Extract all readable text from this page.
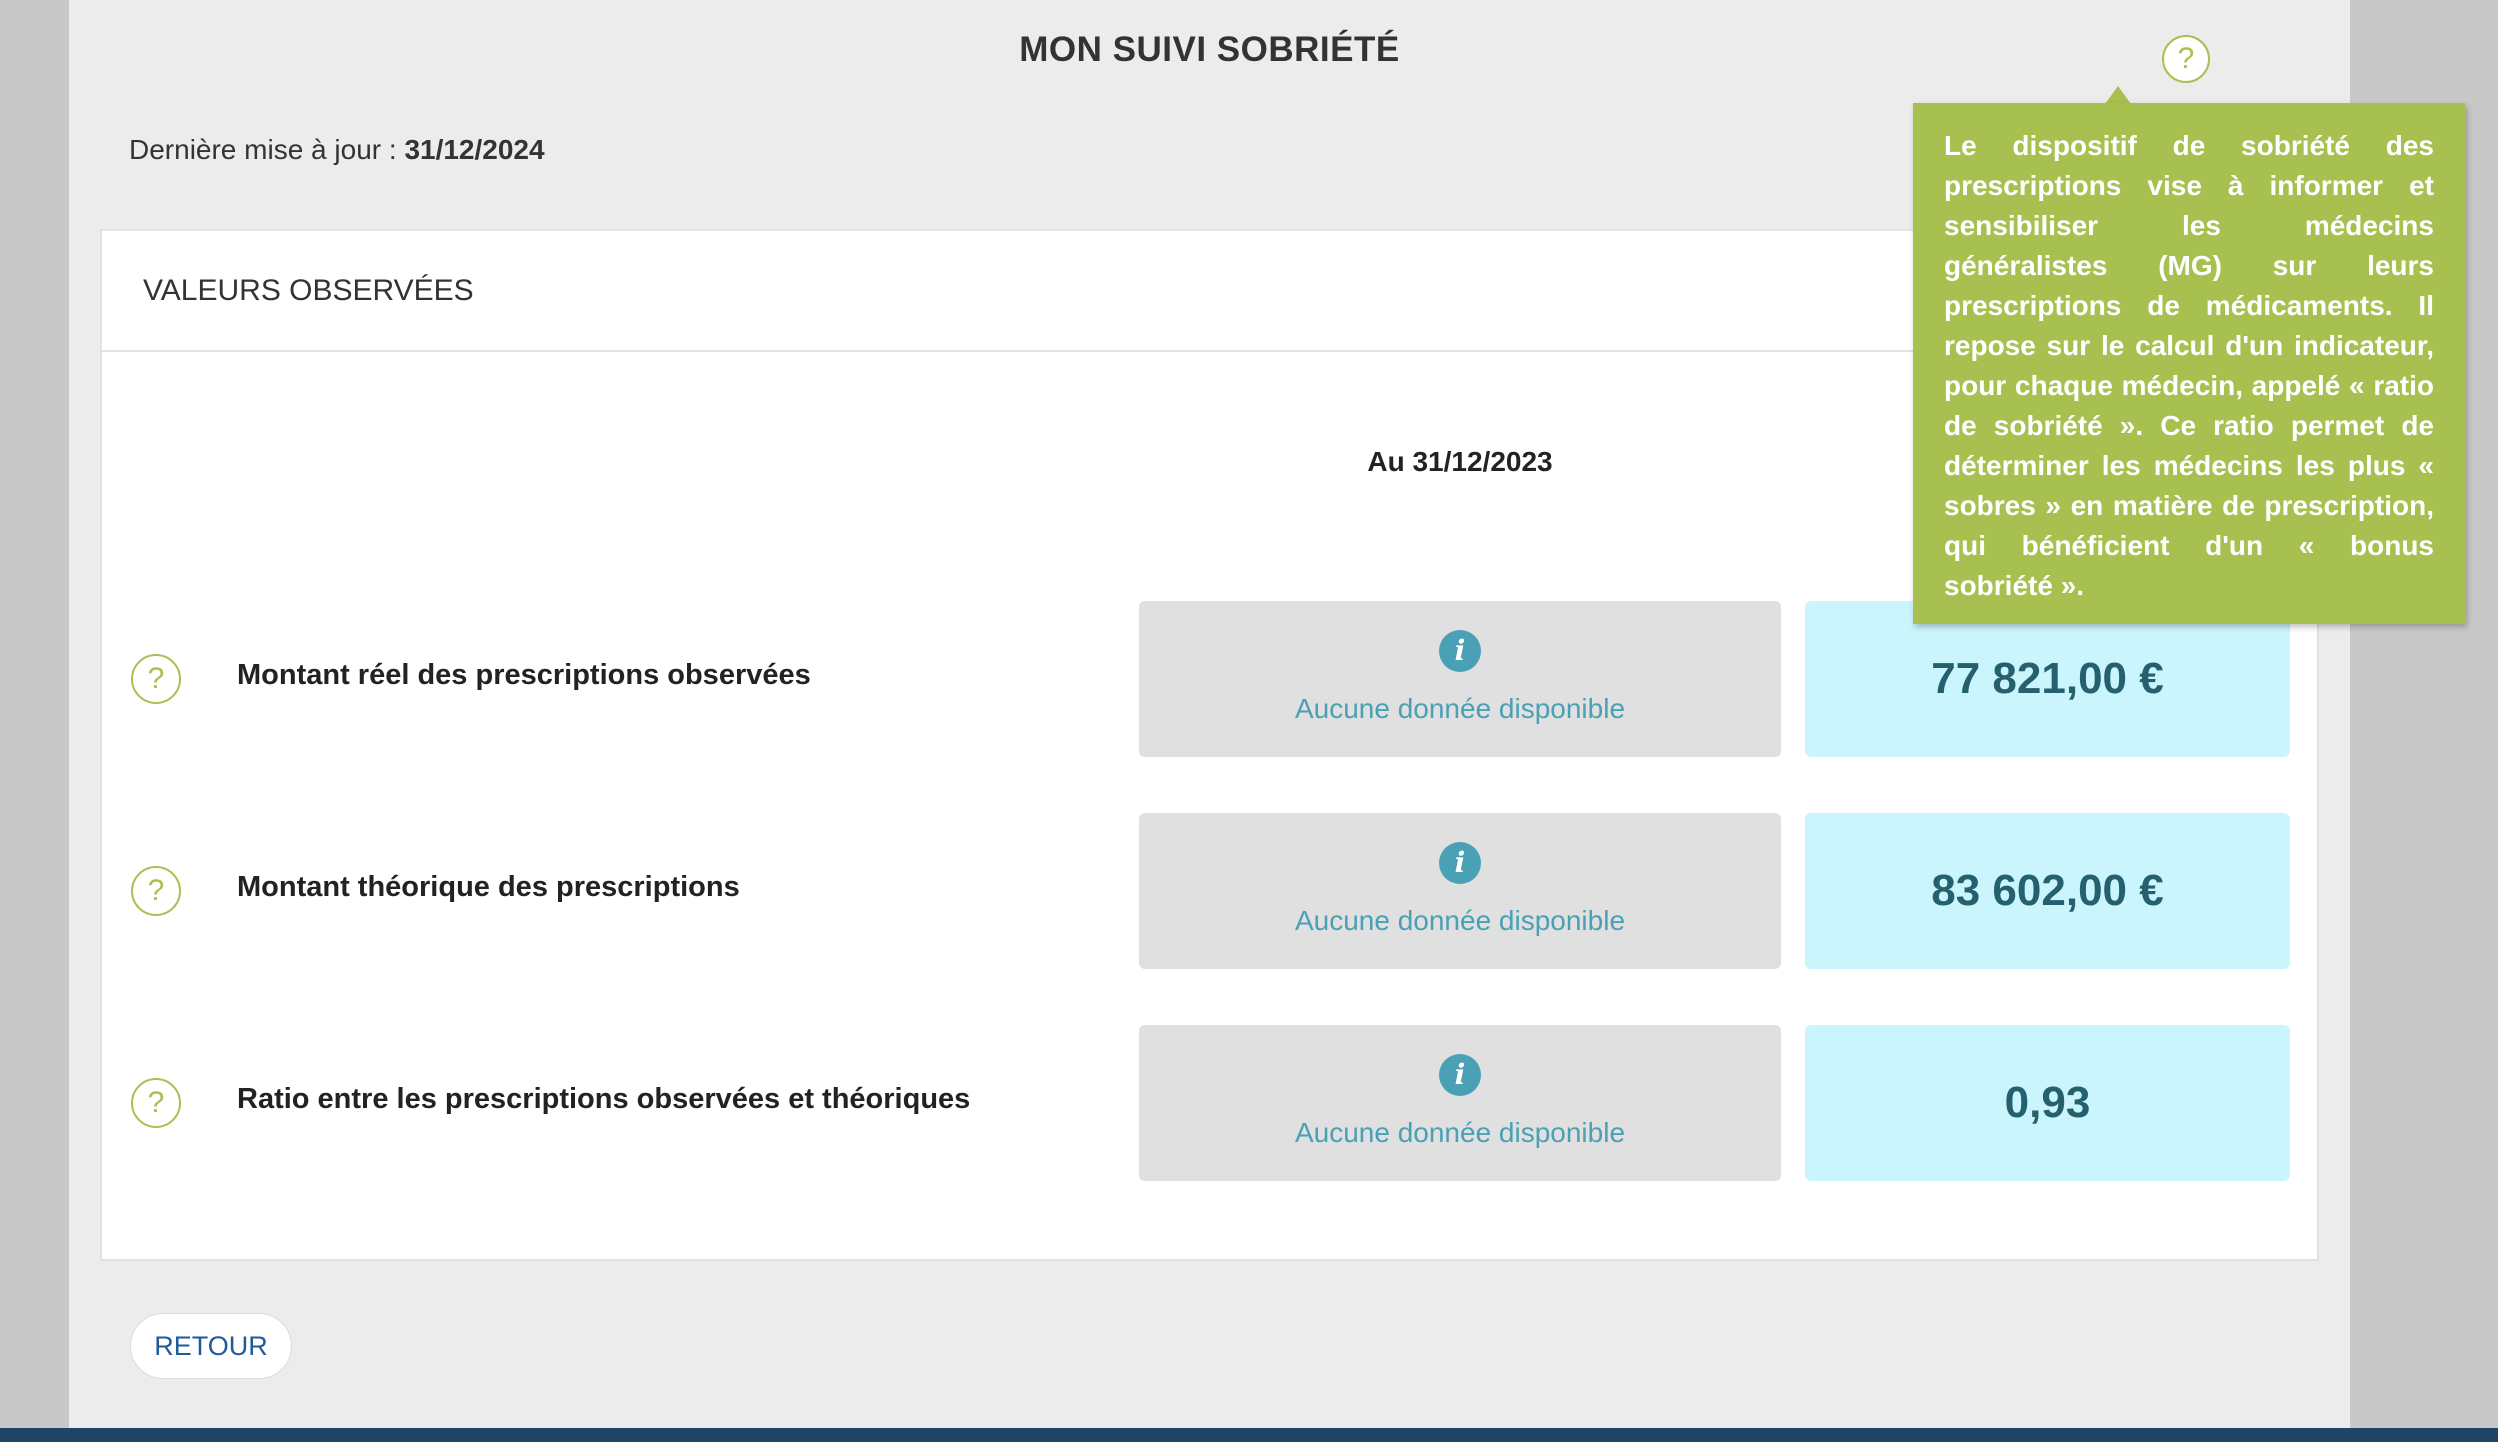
MON SUIVI SOBRIÉTÉ	?
Dernière mise à jour : 31/12/2024
VALEURS OBSERVÉES
Au 31/12/2023
?	Montant réel des prescriptions observées
i
Aucune donnée disponible
77 821,00 €
?	Montant théorique des prescriptions
i
Aucune donnée disponible
83 602,00 €
?	Ratio entre les prescriptions observées et théoriques
i
Aucune donnée disponible
0,93
RETOUR
Le dispositif de sobriété des prescriptions vise à informer et sensibiliser les médecins généralistes (MG) sur leurs prescriptions de médicaments. Il repose sur le calcul d'un indicateur, pour chaque médecin, appelé « ratio de sobriété ». Ce ratio permet de déterminer les médecins les plus « sobres » en matière de prescription, qui bénéficient d'un « bonus sobriété ».
